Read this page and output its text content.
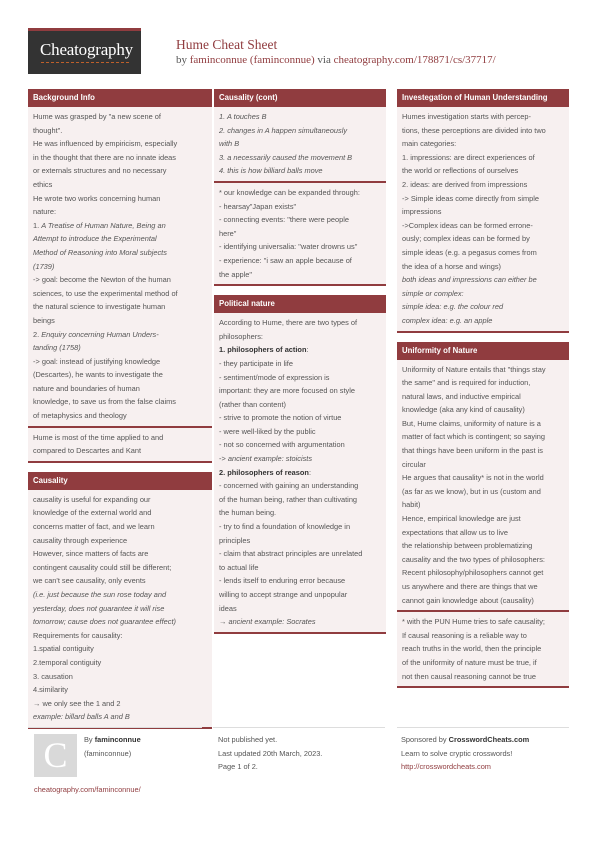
Cheatography	Hume Cheat Sheet
by faminconnue (faminconnue) via cheatography.com/178871/cs/37717/
Background Info
Hume was grasped by "a new scene of
thought".
He was influenced by empiricism, especially
in the thought that there are no innate ideas
or externals structures and no necessary
ethics
He wrote two works concerning human
nature:
1. A Treatise of Human Nature, Being an
Attempt to introduce the Experimental
Method of Reasoning into Moral subjects
(1739)
-> goal: become the Newton of the human
sciences, to use the experimental method of
the natural science to investigate human
beings
2. Enquiry concerning Human Unders-
tanding (1758)
-> goal: instead of justifying knowledge
(Descartes), he wants to investigate the
nature and boundaries of human
knowledge, to save us from the false claims
of metaphysics and theology
Hume is most of the time applied to and
compared to Descartes and Kant
Causality
causality is useful for expanding our
knowledge of the external world and
concerns matter of fact, and we learn
causality through experience
However, since matters of facts are
contingent causality could still be different;
we can't see causality, only events
(i.e. just because the sun rose today and
yesterday, does not guarantee it will rise
tomorrow; cause does not guarantee effect)
Requirements for causality:
1.spatial contiguity
2.temporal contiguity
3. causation
4.similarity
→ we only see the 1 and 2
example: billard balls A and B
Causality (cont)
1. A touches B
2. changes in A happen simultaneously
with B
3. a necessarily caused the movement B
4. this is how billiard balls move
* our knowledge can be expanded through:
- hearsay"Japan exists"
- connecting events: "there were people
here"
- identifying universalia: "water drowns us"
- experience: "i saw an apple because of
the apple"
Political nature
According to Hume, there are two types of
philosophers:
1. philosophers of action:
- they participate in life
- sentiment/mode of expression is
important: they are more focused on style
(rather than content)
- strive to promote the notion of virtue
- were well-liked by the public
- not so concerned with argumentation
-> ancient example: stoicists
2. philosophers of reason:
- concerned with gaining an understanding
of the human being, rather than cultivating
the human being.
- try to find a foundation of knowledge in
principles
- claim that abstract principles are unrelated
to actual life
- lends itself to enduring error because
willing to accept strange and unpopular
ideas
→ ancient example: Socrates
Investegation of Human Understanding
Humes investigation starts with percep-
tions, these perceptions are divided into two
main categories:
1. impressions: are direct experiences of
the world or reflections of ourselves
2. ideas: are derived from impressions
-> Simple ideas come directly from simple
impressions
->Complex ideas can be formed errone-
ously; complex ideas can be formed by
simple ideas (e.g. a pegasus comes from
the idea of a horse and wings)
both ideas and impressions can either be
simple or complex:
simple idea: e.g. the colour red
complex idea: e.g. an apple
Uniformity of Nature
Uniformity of Nature entails that "things stay
the same" and is required for induction,
natural laws, and inductive empirical
knowledge (aka any kind of causality)
But, Hume claims, uniformity of nature is a
matter of fact which is contingent; so saying
that things have been uniform in the past is
circular
He argues that causality* is not in the world
(as far as we know), but in us (custom and
habit)
Hence, empirical knowledge are just
expectations that allow us to live
the relationship between problematizing
causality and the two types of philosophers:
Recent philosophy/philosophers cannot get
us anywhere and there are things that we
cannot gain knowledge about (causality)
* with the PUN Hume tries to safe causality;
If causal reasoning is a reliable way to
reach truths in the world, then the principle
of the uniformity of nature must be true, if
not then causal reasoning cannot be true
C	By faminconnue
(faminconnue)
cheatography.com/faminconnue/
Not published yet.
Last updated 20th March, 2023.
Page 1 of 2.
Sponsored by CrosswordCheats.com
Learn to solve cryptic crosswords!
http://crosswordcheats.com
